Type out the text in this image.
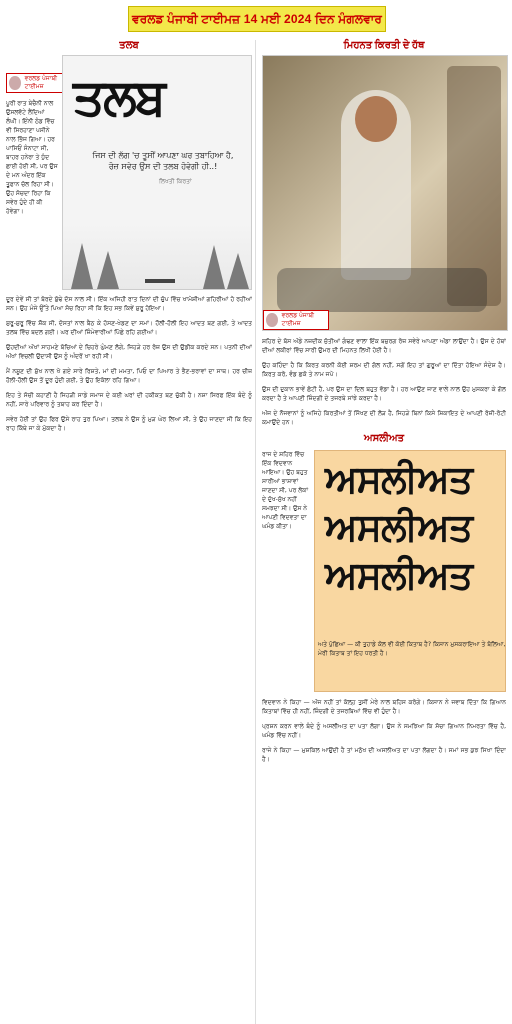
ਵਰਲਡ ਪੰਜਾਬੀ ਟਾਈਮਜ਼ 14 ਮਈ 2024 ਦਿਨ ਮੰਗਲਵਾਰ
ਤਲਬ
ਵਰਲਡ ਪੰਜਾਬੀ ਟਾਈਮਜ਼
ਪੂਰੀ ਰਾਤ ਬੇਚੈਨੀ ਨਾਲ ਉਸਲਵੱਟੇ ਲੈਂਦਿਆਂ ਲੰਘੀ। ਇੰਨੀ ਠੰਡ ਵਿੱਚ ਵੀ ਸਿਰਹਾਣਾ ਪਸੀਨੇ ਨਾਲ ਭਿੱਜ ਗਿਆ। ਹਰ ਪਾਸਿਓਂ ਸੰਨਾਟਾ ਸੀ, ਬਾਹਰ ਹਨੇਰਾ ਤੇ ਧੁੰਦ ਛਾਈ ਹੋਈ ਸੀ, ਪਰ ਉਸ ਦੇ ਮਨ ਅੰਦਰ ਇੱਕ ਤੂਫਾਨ ਚੱਲ ਰਿਹਾ ਸੀ। ਉਹ ਸੋਚਦਾ ਰਿਹਾ ਕਿ ਸਵੇਰ ਹੁੰਦੇ ਹੀ ਕੀ ਹੋਵੇਗਾ।
ਤਲਬ
ਜਿਸ ਦੀ ਲੱਗ 'ਚ ਤੂਸੀਂ ਆਪਣਾ ਘਰ ਤਬਾਹਿਆ ਹੈ,
ਰੋਜ਼ ਸਵੇਰ ਉਸ ਦੀ ਤਲਬ ਹੋਵੇਗੀ ਹੀ..!
ਲਿਖਤੀ ਕਿਰਤਾਂ

ਦੂਰ ਦੇਵੇਂ ਸੀ ਤਾਂ ਬੋਰਦੇ ਬੁੱਢੇ ਦੱਸ ਨਾਲ ਸੀ। ਇੱਕ ਅਜਿਹੀ ਰਾਤ ਦਿਨਾਂ ਦੀ ਚੁੱਪ ਵਿੱਚ ਖਾਮੋਸ਼ੀਆਂ ਗਹਿਰੀਆਂ ਹੋ ਰਹੀਆਂ ਸਨ। ਉਹ ਮੰਜੇ ਉੱਤੇ ਪਿਆ ਸੋਚ ਰਿਹਾ ਸੀ ਕਿ ਇਹ ਸਭ ਕਿਵੇਂ ਸ਼ੁਰੂ ਹੋਇਆ।

ਸ਼ੁਰੂ-ਸ਼ੁਰੂ ਵਿੱਚ ਸ਼ੌਕ ਸੀ, ਦੋਸਤਾਂ ਨਾਲ ਬੈਠ ਕੇ ਹੱਸਣ-ਖੇਡਣ ਦਾ ਸਮਾਂ। ਹੌਲੀ-ਹੌਲੀ ਇਹ ਆਦਤ ਬਣ ਗਈ, ਤੇ ਆਦਤ ਤਲਬ ਵਿੱਚ ਬਦਲ ਗਈ। ਘਰ ਦੀਆਂ ਜ਼ਿੰਮੇਵਾਰੀਆਂ ਪਿੱਛੇ ਰਹਿ ਗਈਆਂ।

ਉਹਦੀਆਂ ਅੱਖਾਂ ਸਾਹਮਣੇ ਬੱਚਿਆਂ ਦੇ ਚਿਹਰੇ ਘੁੰਮਣ ਲੱਗੇ, ਜਿਹੜੇ ਹਰ ਰੋਜ਼ ਉਸ ਦੀ ਉਡੀਕ ਕਰਦੇ ਸਨ। ਪਤਨੀ ਦੀਆਂ ਅੱਖਾਂ ਵਿਚਲੀ ਉਦਾਸੀ ਉਸ ਨੂੰ ਅੰਦਰੋਂ ਖਾ ਰਹੀ ਸੀ।

ਮੈਂ ਨਸ਼ੂਣ ਦੀ ਸ਼ੁੱਖ ਨਾਲ ਖੋ ਗਏ ਸਾਰੇ ਰਿਸ਼ਤੇ, ਮਾਂ ਦੀ ਮਮਤਾ, ਪਿਓ ਦਾ ਪਿਆਰ ਤੇ ਭੈਣ-ਭਰਾਵਾਂ ਦਾ ਸਾਥ। ਹਰ ਚੀਜ਼ ਹੌਲੀ-ਹੌਲੀ ਉਸ ਤੋਂ ਦੂਰ ਹੁੰਦੀ ਗਈ, ਤੇ ਉਹ ਇਕੱਲਾ ਰਹਿ ਗਿਆ।

ਇਹ ਤੇ ਸੱਚੀ ਕਹਾਣੀ ਹੈ ਜਿਹੜੀ ਸਾਡੇ ਸਮਾਜ ਦੇ ਕਈ ਘਰਾਂ ਦੀ ਹਕੀਕਤ ਬਣ ਚੁੱਕੀ ਹੈ। ਨਸ਼ਾ ਸਿਰਫ ਇੱਕ ਬੰਦੇ ਨੂੰ ਨਹੀਂ, ਸਾਰੇ ਪਰਿਵਾਰ ਨੂੰ ਤਬਾਹ ਕਰ ਦਿੰਦਾ ਹੈ।

ਸਵੇਰ ਹੋਈ ਤਾਂ ਉਹ ਫਿਰ ਉਸੇ ਰਾਹ ਤੁਰ ਪਿਆ। ਤਲਬ ਨੇ ਉਸ ਨੂੰ ਮੁੜ ਘੇਰ ਲਿਆ ਸੀ, ਤੇ ਉਹ ਜਾਣਦਾ ਸੀ ਕਿ ਇਹ ਰਾਹ ਕਿੱਥੇ ਜਾ ਕੇ ਮੁੱਕਦਾ ਹੈ।

ਮਿਹਨਤ ਕਿਰਤੀ ਦੇ ਹੱਥ
ਵਰਲਡ ਪੰਜਾਬੀ ਟਾਈਮਜ਼

ਸ਼ਹਿਰ ਦੇ ਬੱਸ ਅੱਡੇ ਨਜ਼ਦੀਕ ਜੁੱਤੀਆਂ ਗੰਢਣ ਵਾਲਾ ਇੱਕ ਬਜ਼ੁਰਗ ਰੋਜ਼ ਸਵੇਰੇ ਆਪਣਾ ਅੱਡਾ ਲਾਉਂਦਾ ਹੈ। ਉਸ ਦੇ ਹੱਥਾਂ ਦੀਆਂ ਲਕੀਰਾਂ ਵਿੱਚ ਸਾਰੀ ਉਮਰ ਦੀ ਮਿਹਨਤ ਲਿਖੀ ਹੋਈ ਹੈ।

ਉਹ ਕਹਿੰਦਾ ਹੈ ਕਿ ਕਿਰਤ ਕਰਨੀ ਕੋਈ ਸ਼ਰਮ ਦੀ ਗੱਲ ਨਹੀਂ, ਸਗੋਂ ਇਹ ਤਾਂ ਗੁਰੂਆਂ ਦਾ ਦਿੱਤਾ ਹੋਇਆ ਸੰਦੇਸ਼ ਹੈ। ਕਿਰਤ ਕਰੋ, ਵੰਡ ਛਕੋ ਤੇ ਨਾਮ ਜਪੋ।

ਉਸ ਦੀ ਦੁਕਾਨ ਭਾਵੇਂ ਛੋਟੀ ਹੈ, ਪਰ ਉਸ ਦਾ ਦਿਲ ਬਹੁਤ ਵੱਡਾ ਹੈ। ਹਰ ਆਉਣ ਜਾਣ ਵਾਲੇ ਨਾਲ ਉਹ ਮੁਸਕਰਾ ਕੇ ਗੱਲ ਕਰਦਾ ਹੈ ਤੇ ਆਪਣੀ ਜ਼ਿੰਦਗੀ ਦੇ ਤਜਰਬੇ ਸਾਂਝੇ ਕਰਦਾ ਹੈ।

ਅੱਜ ਦੇ ਨੌਜਵਾਨਾਂ ਨੂੰ ਅਜਿਹੇ ਕਿਰਤੀਆਂ ਤੋਂ ਸਿੱਖਣ ਦੀ ਲੋੜ ਹੈ, ਜਿਹੜੇ ਬਿਨਾਂ ਕਿਸੇ ਸ਼ਿਕਾਇਤ ਦੇ ਆਪਣੀ ਰੋਜ਼ੀ-ਰੋਟੀ ਕਮਾਉਂਦੇ ਹਨ।

ਅਸਲੀਅਤ
ਰਾਜ ਦੇ ਸ਼ਹਿਰ ਵਿੱਚ ਇੱਕ ਵਿਦਵਾਨ ਆਇਆ। ਉਹ ਬਹੁਤ ਸਾਰੀਆਂ ਭਾਸ਼ਾਵਾਂ ਜਾਣਦਾ ਸੀ, ਪਰ ਲੋਕਾਂ ਦੇ ਦੁੱਖ-ਸੁੱਖ ਨਹੀਂ ਸਮਝਦਾ ਸੀ। ਉਸ ਨੇ ਆਪਣੀ ਵਿਦਵਤਾ ਦਾ ਘਮੰਡ ਕੀਤਾ।
ਅਸਲੀਅਤ
ਅਸਲੀਅਤ
ਅਸਲੀਅਤ
ਅਤੇ ਪੁੱਛਿਆ — ਕੀ ਤੁਹਾਡੇ ਕੋਲ ਵੀ ਕੋਈ ਕਿਤਾਬ ਹੈ? ਕਿਸਾਨ ਮੁਸਕਰਾਇਆ ਤੇ ਬੋਲਿਆ, ਮੇਰੀ ਕਿਤਾਬ ਤਾਂ ਇਹ ਧਰਤੀ ਹੈ।

ਵਿਦਵਾਨ ਨੇ ਕਿਹਾ — ਅੱਜ ਨਹੀਂ ਤਾਂ ਕੱਲ੍ਹ ਤੁਸੀਂ ਮੇਰੇ ਨਾਲ ਬਹਿਸ ਕਰੋਗੇ। ਕਿਸਾਨ ਨੇ ਜਵਾਬ ਦਿੱਤਾ ਕਿ ਗਿਆਨ ਕਿਤਾਬਾਂ ਵਿੱਚ ਹੀ ਨਹੀਂ, ਜ਼ਿੰਦਗੀ ਦੇ ਤਜਰਬਿਆਂ ਵਿੱਚ ਵੀ ਹੁੰਦਾ ਹੈ।

ਪ੍ਰਸ਼ਨ ਕਰਨ ਵਾਲੇ ਬੰਦੇ ਨੂੰ ਅਸਲੀਅਤ ਦਾ ਪਤਾ ਲੱਗਾ। ਉਸ ਨੇ ਸਮਝਿਆ ਕਿ ਸੱਚਾ ਗਿਆਨ ਨਿਮਰਤਾ ਵਿੱਚ ਹੈ, ਘਮੰਡ ਵਿੱਚ ਨਹੀਂ।

ਰਾਜੇ ਨੇ ਕਿਹਾ — ਮੁਸ਼ਕਿਲ ਆਉਂਦੀ ਹੈ ਤਾਂ ਮਨੁੱਖ ਦੀ ਅਸਲੀਅਤ ਦਾ ਪਤਾ ਲੱਗਦਾ ਹੈ। ਸਮਾਂ ਸਭ ਕੁਝ ਸਿਖਾ ਦਿੰਦਾ ਹੈ।
